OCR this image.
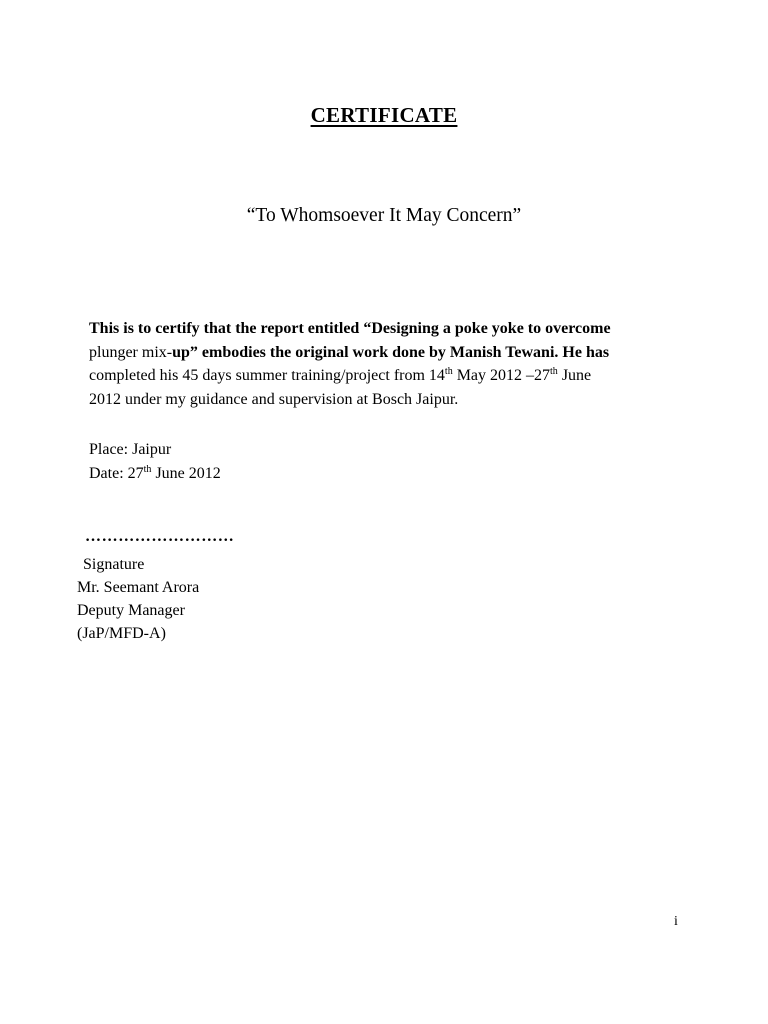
CERTIFICATE
“To Whomsoever It May Concern”
This is to certify that the report entitled “Designing a poke yoke to overcome
plunger mix-up” embodies the original work done by Manish Tewani. He has
completed his 45 days summer training/project from 14th May 2012 –27th June
2012 under my guidance and supervision at Bosch Jaipur.
Place: Jaipur
Date: 27th June 2012
………………………
Signature
Mr. Seemant Arora
Deputy Manager
(JaP/MFD-A)
i
